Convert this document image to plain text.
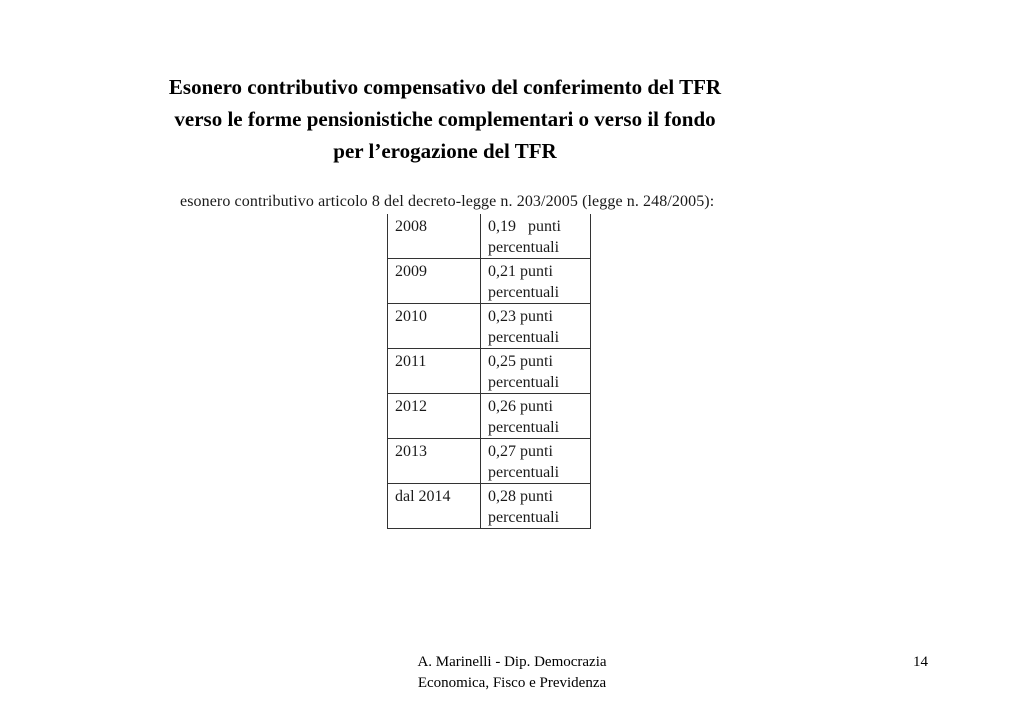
Esonero contributivo compensativo del conferimento del TFR
verso le forme pensionistiche complementari o verso il fondo
per l’erogazione del TFR
esonero contributivo articolo 8 del decreto-legge n. 203/2005 (legge n. 248/2005):
2008	0,19   punti
percentuali

2009	0,21 punti
percentuali

2010	0,23 punti
percentuali

2011	0,25 punti
percentuali

2012	0,26 punti
percentuali

2013	0,27 punti
percentuali

dal 2014	0,28 punti
percentuali
A. Marinelli - Dip. Democrazia
Economica, Fisco e Previdenza
14
